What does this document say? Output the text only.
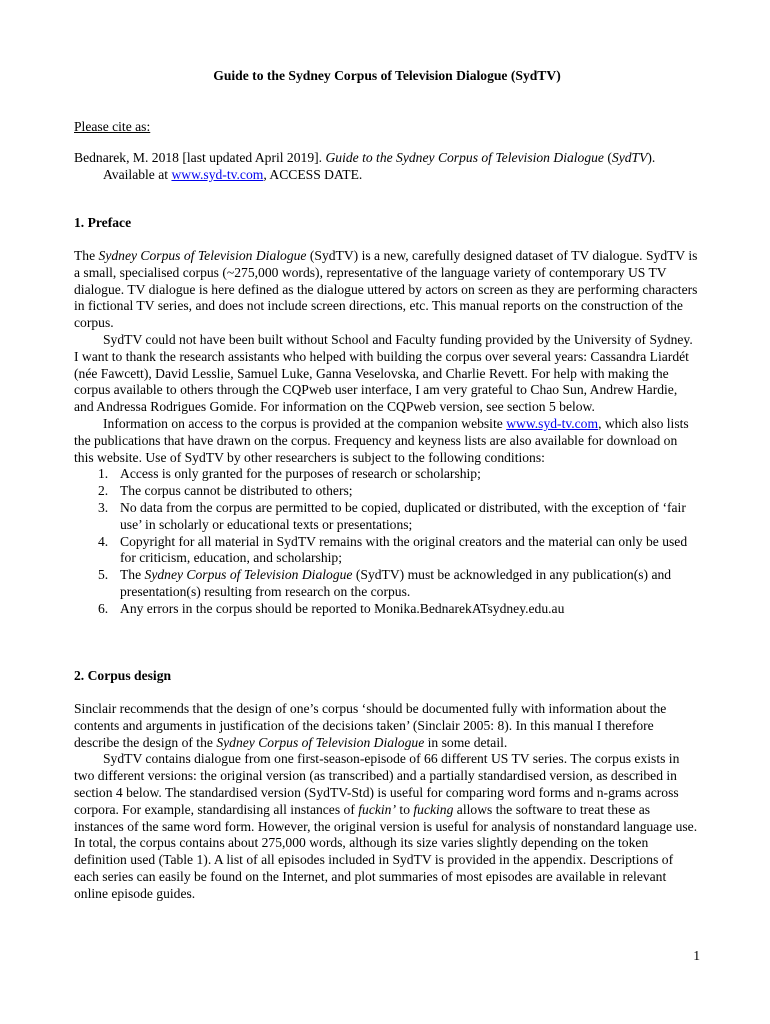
Guide to the Sydney Corpus of Television Dialogue (SydTV)
Please cite as:
Bednarek, M. 2018 [last updated April 2019]. Guide to the Sydney Corpus of Television Dialogue (SydTV). Available at www.syd-tv.com, ACCESS DATE.
1. Preface

The Sydney Corpus of Television Dialogue (SydTV) is a new, carefully designed dataset of TV dialogue. SydTV is a small, specialised corpus (~275,000 words), representative of the language variety of contemporary US TV dialogue. TV dialogue is here defined as the dialogue uttered by actors on screen as they are performing characters in fictional TV series, and does not include screen directions, etc. This manual reports on the construction of the corpus.

SydTV could not have been built without School and Faculty funding provided by the University of Sydney. I want to thank the research assistants who helped with building the corpus over several years: Cassandra Liardét (née Fawcett), David Lesslie, Samuel Luke, Ganna Veselovska, and Charlie Revett. For help with making the corpus available to others through the CQPweb user interface, I am very grateful to Chao Sun, Andrew Hardie, and Andressa Rodrigues Gomide. For information on the CQPweb version, see section 5 below.

Information on access to the corpus is provided at the companion website www.syd-tv.com, which also lists the publications that have drawn on the corpus. Frequency and keyness lists are also available for download on this website. Use of SydTV by other researchers is subject to the following conditions:

1. Access is only granted for the purposes of research or scholarship;
2. The corpus cannot be distributed to others;
3. No data from the corpus are permitted to be copied, duplicated or distributed, with the exception of ‘fair use’ in scholarly or educational texts or presentations;
4. Copyright for all material in SydTV remains with the original creators and the material can only be used for criticism, education, and scholarship;
5. The Sydney Corpus of Television Dialogue (SydTV) must be acknowledged in any publication(s) and presentation(s) resulting from research on the corpus.
6. Any errors in the corpus should be reported to Monika.BednarekATsydney.edu.au
2. Corpus design

Sinclair recommends that the design of one’s corpus ‘should be documented fully with information about the contents and arguments in justification of the decisions taken’ (Sinclair 2005: 8). In this manual I therefore describe the design of the Sydney Corpus of Television Dialogue in some detail.

SydTV contains dialogue from one first-season-episode of 66 different US TV series. The corpus exists in two different versions: the original version (as transcribed) and a partially standardised version, as described in section 4 below. The standardised version (SydTV-Std) is useful for comparing word forms and n-grams across corpora. For example, standardising all instances of fuckin’ to fucking allows the software to treat these as instances of the same word form. However, the original version is useful for analysis of nonstandard language use. In total, the corpus contains about 275,000 words, although its size varies slightly depending on the token definition used (Table 1). A list of all episodes included in SydTV is provided in the appendix. Descriptions of each series can easily be found on the Internet, and plot summaries of most episodes are available in relevant online episode guides.

1
